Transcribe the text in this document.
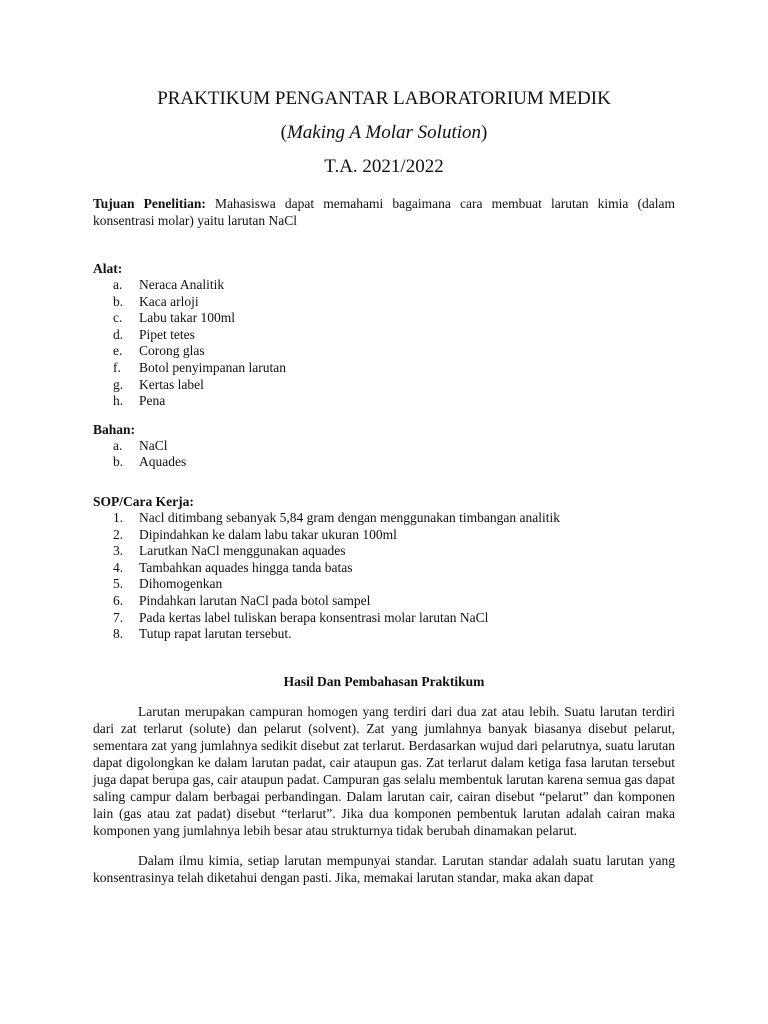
PRAKTIKUM PENGANTAR LABORATORIUM MEDIK

(Making A Molar Solution)

T.A. 2021/2022

Tujuan Penelitian: Mahasiswa dapat memahami bagaimana cara membuat larutan kimia (dalam konsentrasi molar) yaitu larutan NaCl
Alat:
a.	Neraca Analitik
b.	Kaca arloji
c.	Labu takar 100ml
d.	Pipet tetes
e.	Corong glas
f.	Botol penyimpanan larutan
g.	Kertas label
h.	Pena
Bahan:
a.	NaCl
b.	Aquades
SOP/Cara Kerja:
1.	Nacl ditimbang sebanyak 5,84 gram dengan menggunakan timbangan analitik
2.	Dipindahkan ke dalam labu takar ukuran 100ml
3.	Larutkan NaCl menggunakan aquades
4.	Tambahkan aquades hingga tanda batas
5.	Dihomogenkan
6.	Pindahkan larutan NaCl pada botol sampel
7.	Pada kertas label tuliskan berapa konsentrasi molar larutan NaCl
8.	Tutup rapat larutan tersebut.
Hasil Dan Pembahasan Praktikum

Larutan merupakan campuran homogen yang terdiri dari dua zat atau lebih. Suatu larutan terdiri dari zat terlarut (solute) dan pelarut (solvent). Zat yang jumlahnya banyak biasanya disebut pelarut, sementara zat yang jumlahnya sedikit disebut zat terlarut. Berdasarkan wujud dari pelarutnya, suatu larutan dapat digolongkan ke dalam larutan padat, cair ataupun gas. Zat terlarut dalam ketiga fasa larutan tersebut juga dapat berupa gas, cair ataupun padat. Campuran gas selalu membentuk larutan karena semua gas dapat saling campur dalam berbagai perbandingan. Dalam larutan cair, cairan disebut “pelarut” dan komponen lain (gas atau zat padat) disebut “terlarut”. Jika dua komponen pembentuk larutan adalah cairan maka komponen yang jumlahnya lebih besar atau strukturnya tidak berubah dinamakan pelarut.

Dalam ilmu kimia, setiap larutan mempunyai standar. Larutan standar adalah suatu larutan yang konsentrasinya telah diketahui dengan pasti. Jika, memakai larutan standar, maka akan dapat
